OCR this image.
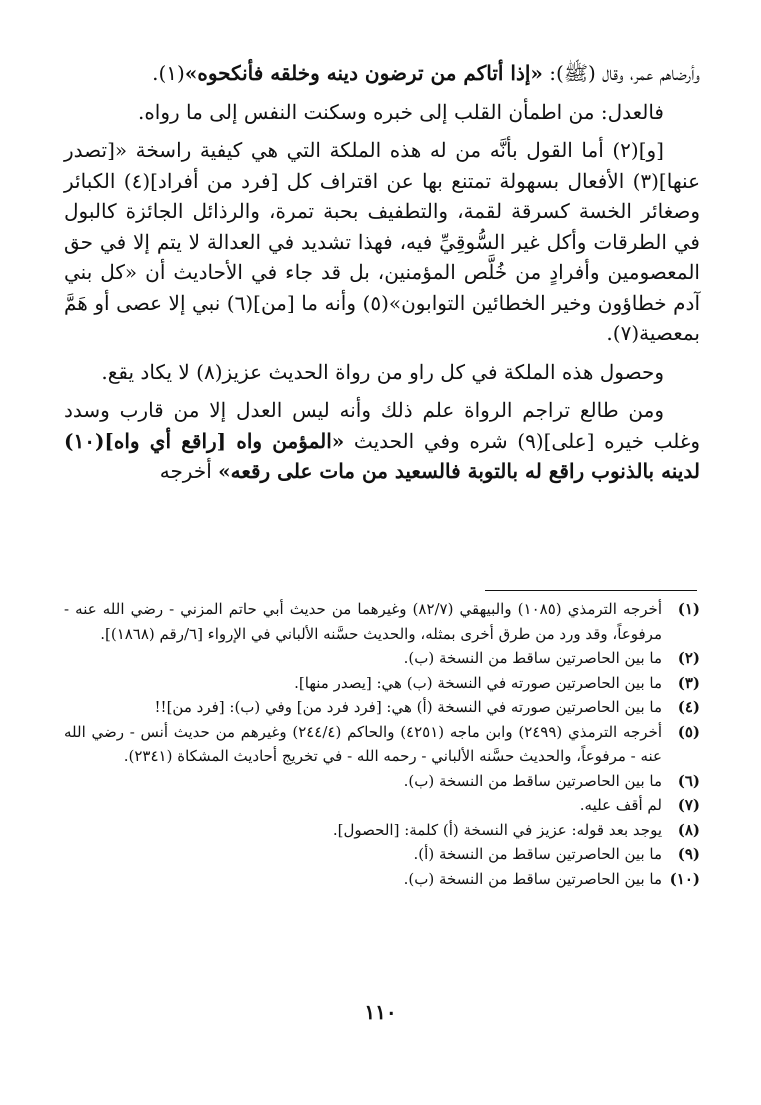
وأرضاهم عمر، وقال (ﷺ): «إذا أتاكم من ترضون دينه وخلقه فأنكحوه»(١).

فالعدل: من اطمأن القلب إلى خبره وسكنت النفس إلى ما رواه.

[و](٢) أما القول بأنَّه من له هذه الملكة التي هي كيفية راسخة «[تصدر عنها](٣) الأفعال بسهولة تمتنع بها عن اقتراف كل [فرد من أفراد](٤) الكبائر وصغائر الخسة كسرقة لقمة، والتطفيف بحبة تمرة، والرذائل الجائزة كالبول في الطرقات وأكل غير السُّوقِيِّ فيه، فهذا تشديد في العدالة لا يتم إلا في حق المعصومين وأفرادٍ من خُلَّص المؤمنين، بل قد جاء في الأحاديث أن «كل بني آدم خطاؤون وخير الخطائين التوابون»(٥) وأنه ما [من](٦) نبي إلا عصى أو هَمَّ بمعصية(٧).

وحصول هذه الملكة في كل راو من رواة الحديث عزيز(٨) لا يكاد يقع.

ومن طالع تراجم الرواة علم ذلك وأنه ليس العدل إلا من قارب وسدد وغلب خيره [على](٩) شره وفي الحديث «المؤمن واه [راقع أي واه](١٠) لدينه بالذنوب راقع له بالتوبة فالسعيد من مات على رقعه» أخرجه

(١)
أخرجه الترمذي (١٠٨٥) والبيهقي (٨٢/٧) وغيرهما من حديث أبي حاتم المزني - رضي الله عنه - مرفوعاً، وقد ورد من طرق أخرى بمثله، والحديث حسَّنه الألباني في الإرواء [٦/رقم (١٨٦٨)].
(٢)
ما بين الحاصرتين ساقط من النسخة (ب).
(٣)
ما بين الحاصرتين صورته في النسخة (ب) هي: [يصدر منها].
(٤)
ما بين الحاصرتين صورته في النسخة (أ) هي: [فرد فرد من] وفي (ب): [فرد من]!!
(٥)
أخرجه الترمذي (٢٤٩٩) وابن ماجه (٤٢٥١) والحاكم (٢٤٤/٤) وغيرهم من حديث أنس - رضي الله عنه - مرفوعاً، والحديث حسَّنه الألباني - رحمه الله - في تخريج أحاديث المشكاة (٢٣٤١).
(٦)
ما بين الحاصرتين ساقط من النسخة (ب).
(٧)
لم أقف عليه.
(٨)
يوجد بعد قوله: عزيز في النسخة (أ) كلمة: [الحصول].
(٩)
ما بين الحاصرتين ساقط من النسخة (أ).
(١٠)
ما بين الحاصرتين ساقط من النسخة (ب).
١١٠
